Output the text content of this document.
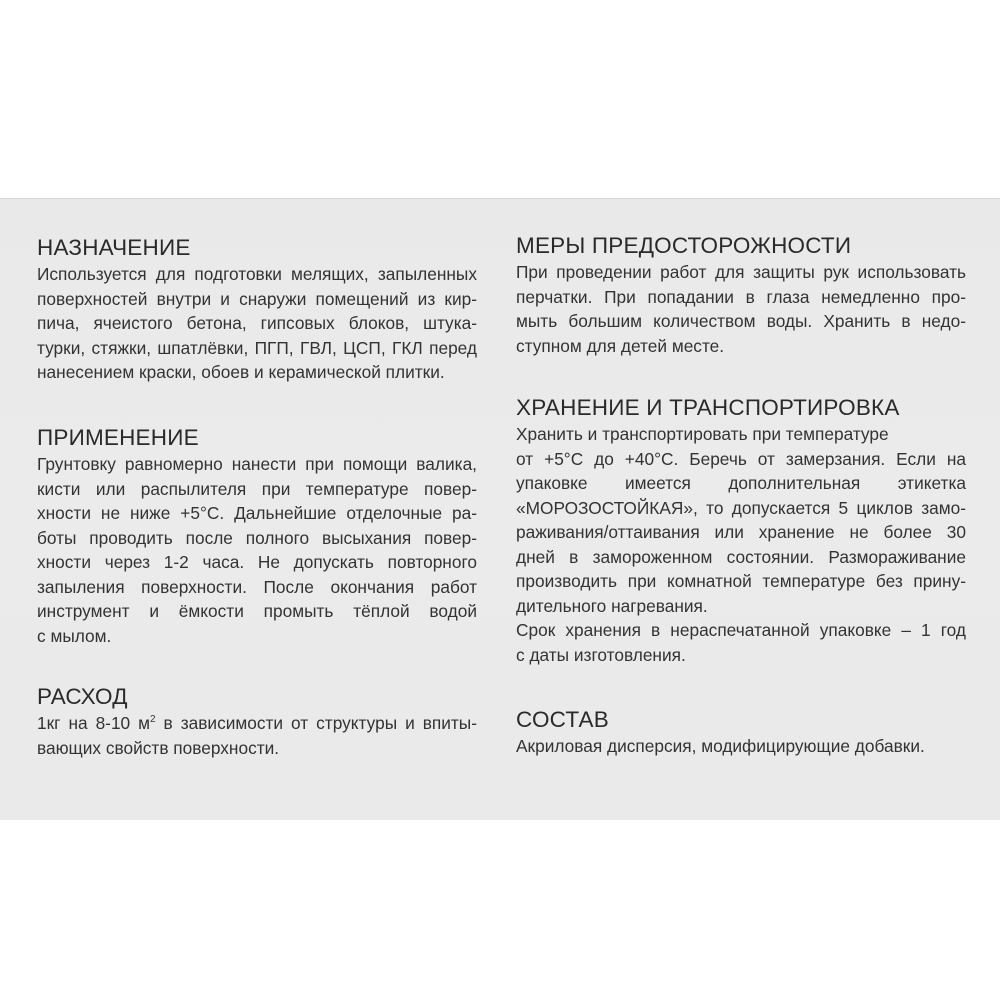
НАЗНАЧЕНИЕ

Используется для подготовки мелящих, запыленных
поверхностей внутри и снаружи помещений из кир-
пича, ячеистого бетона, гипсовых блоков, штука-
турки, стяжки, шпатлёвки, ПГП, ГВЛ, ЦСП, ГКЛ перед
нанесением краски, обоев и керамической плитки.

ПРИМЕНЕНИЕ

Грунтовку равномерно нанести при помощи валика,
кисти или распылителя при температуре повер-
хности не ниже +5°C. Дальнейшие отделочные ра-
боты проводить после полного высыхания повер-
хности через 1-2 часа. Не допускать повторного
запыления поверхности. После окончания работ
инструмент и ёмкости промыть тёплой водой
с мылом.

РАСХОД

1кг на 8-10 $м^2$ в зависимости от структуры и впиты-
вающих свойств поверхности.

МЕРЫ ПРЕДОСТОРОЖНОСТИ

При проведении работ для защиты рук использовать
перчатки. При попадании в глаза немедленно про-
мыть большим количеством воды. Хранить в недо-
ступном для детей месте.

ХРАНЕНИЕ И ТРАНСПОРТИРОВКА

Хранить и транспортировать при температуре
от +5°C до +40°C. Беречь от замерзания. Если на
упаковке имеется дополнительная этикетка
«МОРОЗОСТОЙКАЯ», то допускается 5 циклов замо-
раживания/оттаивания или хранение не более 30
дней в замороженном состоянии. Размораживание
производить при комнатной температуре без прину-
дительного нагревания.
Срок хранения в нераспечатанной упаковке – 1 год
с даты изготовления.

СОСТАВ

Акриловая дисперсия, модифицирующие добавки.
